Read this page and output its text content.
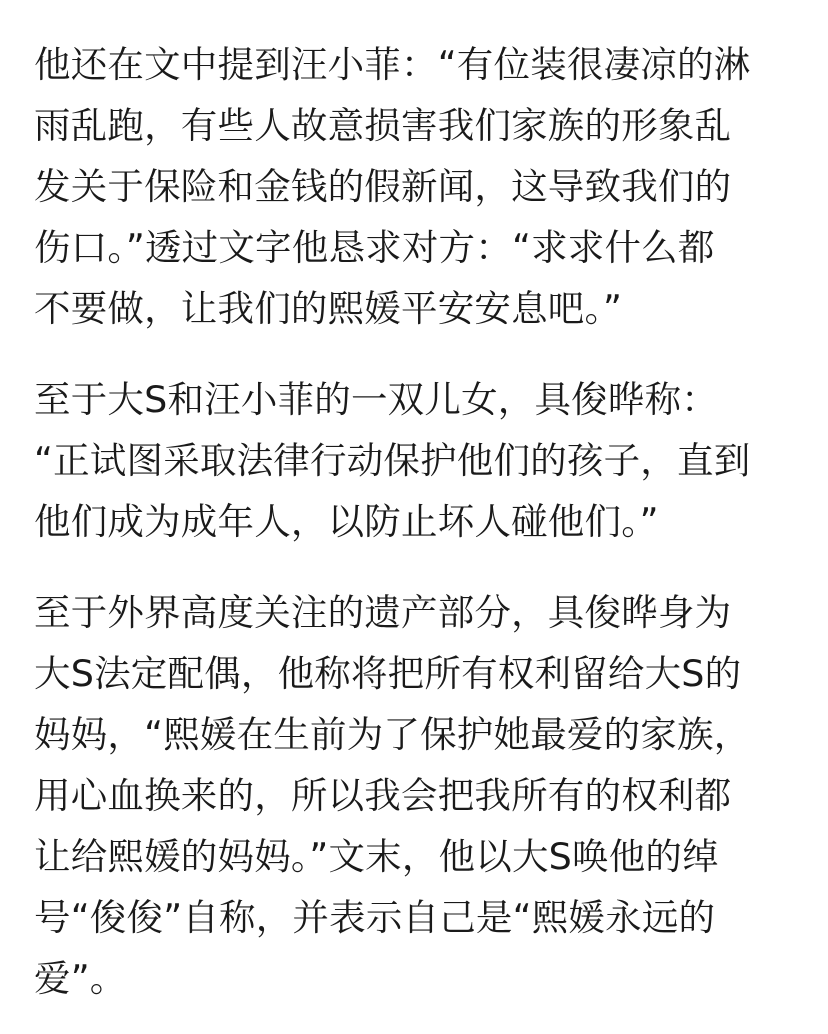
他还在文中提到汪小菲：“有位装很凄凉的淋
雨乱跑，有些人故意损害我们家族的形象乱
发关于保险和金钱的假新闻，这导致我们的
伤口。”透过文字他恳求对方：“求求什么都
不要做，让我们的熙媛平安安息吧。”
至于大S和汪小菲的一双儿女，具俊晔称：
“正试图采取法律行动保护他们的孩子，直到
他们成为成年人，以防止坏人碰他们。”
至于外界高度关注的遗产部分，具俊晔身为
大S法定配偶，他称将把所有权利留给大S的
妈妈，“熙媛在生前为了保护她最爱的家族，
用心血换来的，所以我会把我所有的权利都
让给熙媛的妈妈。”文末，他以大S唤他的绰
号“俊俊”自称，并表示自己是“熙媛永远的
爱”。
